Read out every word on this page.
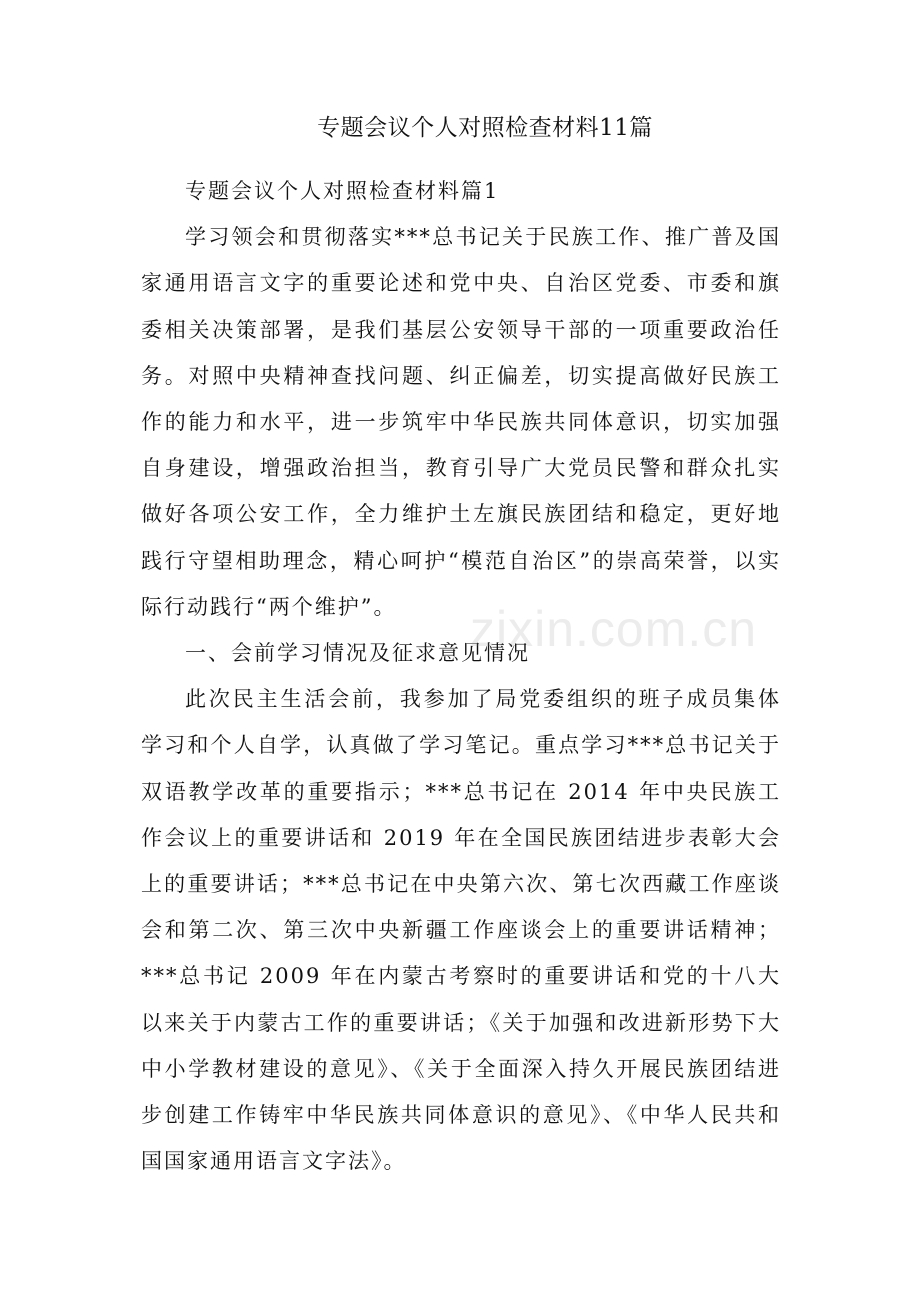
专题会议个人对照检查材料11篇

专题会议个人对照检查材料篇1

学习领会和贯彻落实***总书记关于民族工作、推广普及国家通用语言文字的重要论述和党中央、自治区党委、市委和旗委相关决策部署，是我们基层公安领导干部的一项重要政治任务。对照中央精神查找问题、纠正偏差，切实提高做好民族工作的能力和水平，进一步筑牢中华民族共同体意识，切实加强自身建设，增强政治担当，教育引导广大党员民警和群众扎实做好各项公安工作，全力维护土左旗民族团结和稳定，更好地践行守望相助理念，精心呵护“模范自治区”的崇高荣誉，以实际行动践行“两个维护”。

一、会前学习情况及征求意见情况

此次民主生活会前，我参加了局党委组织的班子成员集体学习和个人自学，认真做了学习笔记。重点学习***总书记关于双语教学改革的重要指示；***总书记在 2014 年中央民族工作会议上的重要讲话和 2019 年在全国民族团结进步表彰大会上的重要讲话；***总书记在中央第六次、第七次西藏工作座谈会和第二次、第三次中央新疆工作座谈会上的重要讲话精神；***总书记 2009 年在内蒙古考察时的重要讲话和党的十八大以来关于内蒙古工作的重要讲话；《关于加强和改进新形势下大中小学教材建设的意见》、《关于全面深入持久开展民族团结进步创建工作铸牢中华民族共同体意识的意见》、《中华人民共和国国家通用语言文字法》。

zixin.com.cn
